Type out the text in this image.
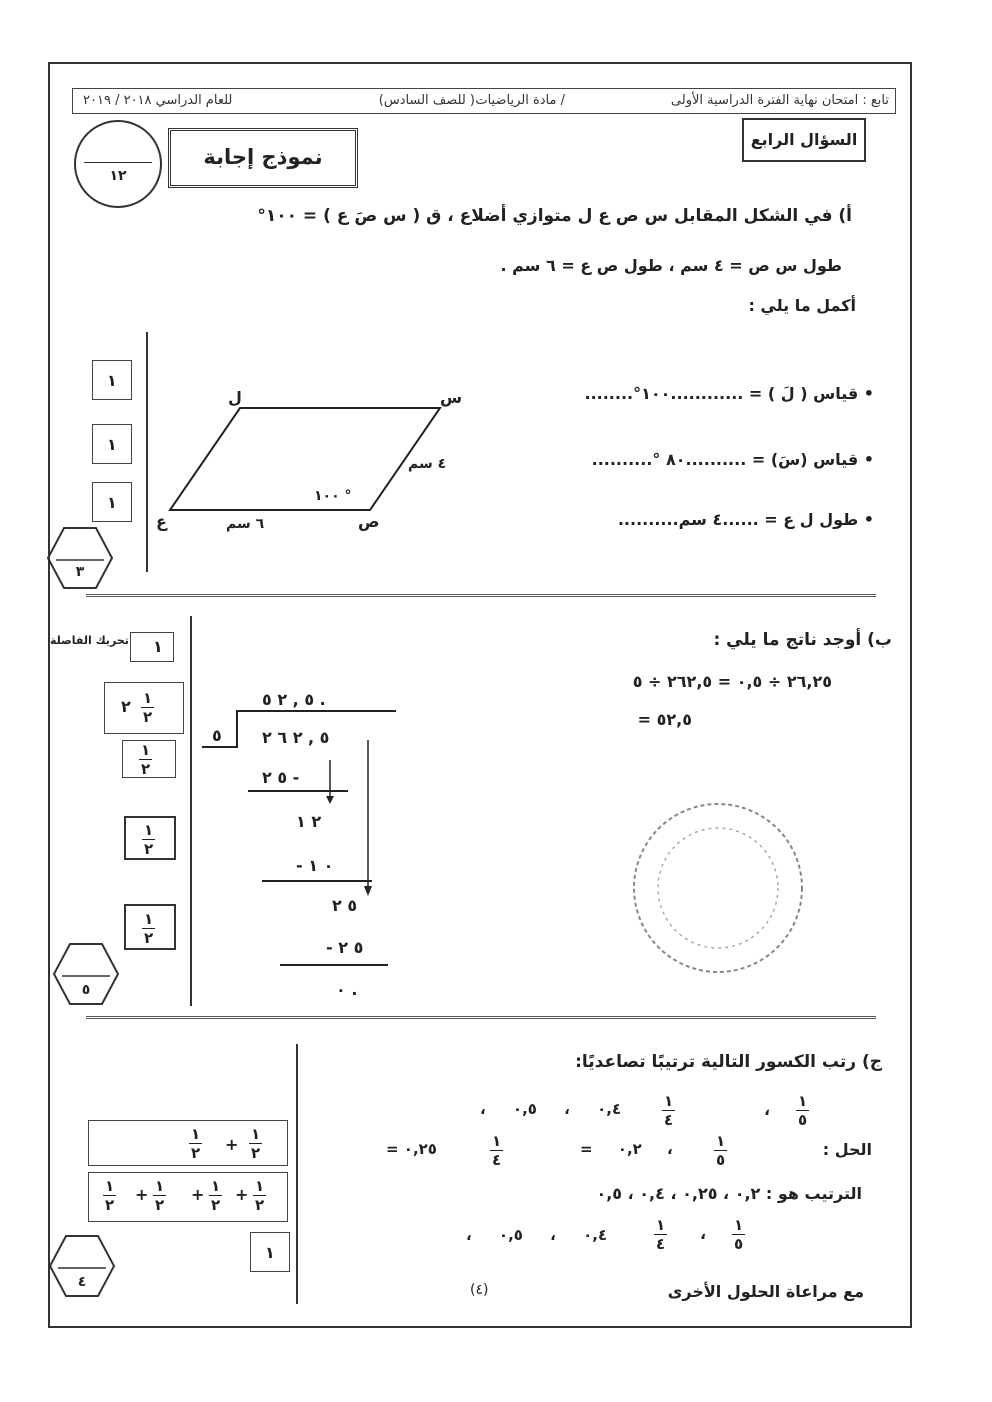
تابع : امتحان نهاية الفترة الدراسية الأولى
/ مادة الرياضيات
( للصف السادس)
للعام الدراسي ٢٠١٨ / ٢٠١٩
السؤال الرابع
نموذج إجابة
١٢
أ) في الشكل المقابل س ص ع ل متوازي أضلاع ، ق ( س صَ ع ) = ١٠٠°
طول س ص = ٤ سم ، طول ص ع = ٦ سم .
أكمل ما يلي :
• قياس ( لَ ) = ............١٠٠°........
• قياس (سَ) = ..........٨٠ °..........
• طول ل ع = ......٤ سم..........
س
ل
ص
ع
٤ سم
٦ سم
١٠٠ °
١
١
١
٣
ب) أوجد ناتج ما يلي :
٢٦,٢٥ ÷ ٠,٥ = ٢٦٢,٥ ÷ ٥
= ٥٢,٥
٥ , ٢ ٥ .
٥	٥ , ٢ ٦ ٢
٥ ٢ -
٢ ١
- ٠ ١
٥ ٢
- ٥ ٢
٠ .
تحريك الفاصلة ١
٢ ١
٢
١
٢
١
٢
١
٢
٥
ج) رتب الكسور التالية ترتيبًا تصاعديًا:
١
٥
،
١
٤
، ٠,٤ ، ٠,٥
الحل :
١
٥
= ٠,٢ ،
١
٤
= ٠,٢٥
الترتيب هو : ٠,٢ ، ٠,٢٥ ، ٠,٤ ، ٠,٥
١
٥
،
١
٤
، ٠,٤ ، ٠,٥
١
٢
+
١
٢
١
٢
+
١
٢
+
١
٢
+
١
٢
١
٤	(٤)	مع مراعاة الحلول الأخرى
